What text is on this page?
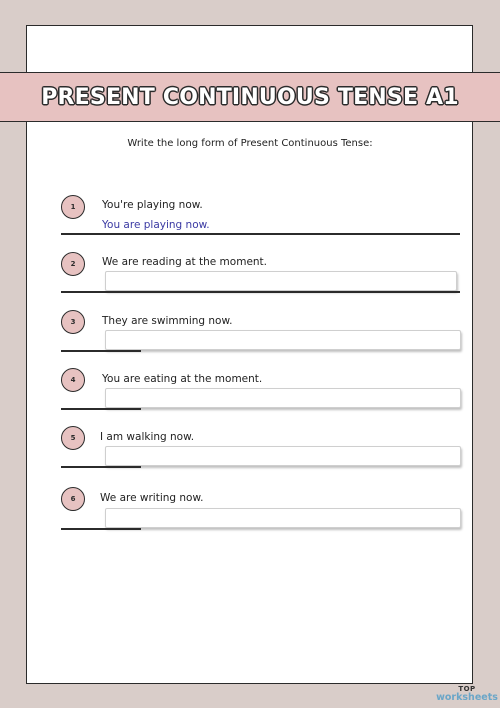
PRESENT CONTINUOUS TENSE A1
Write the long form of Present Continuous Tense:
1	You're playing now.
You are playing now.
2	We are reading at the moment.
3	They are swimming now.
4	You are eating at the moment.
5	I am walking now.
6	We are writing now.
TOP
worksheets
